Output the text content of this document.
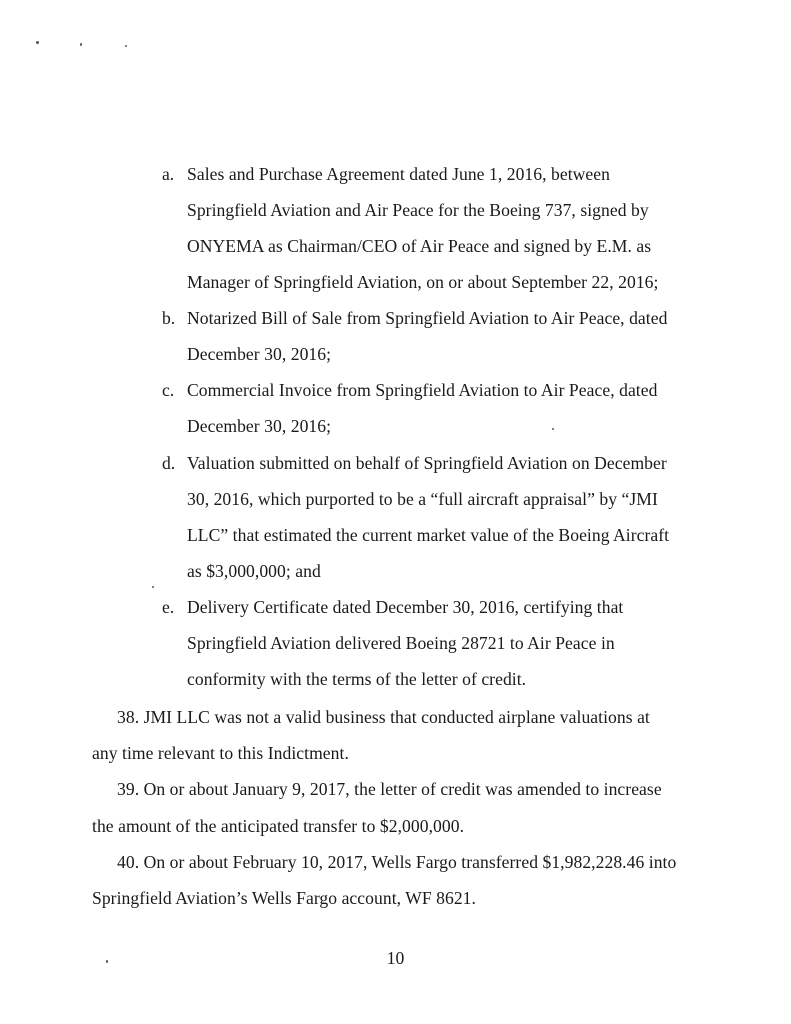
a. Sales and Purchase Agreement dated June 1, 2016, between
Springfield Aviation and Air Peace for the Boeing 737, signed by
ONYEMA as Chairman/CEO of Air Peace and signed by E.M. as
Manager of Springfield Aviation, on or about September 22, 2016;
b. Notarized Bill of Sale from Springfield Aviation to Air Peace, dated
December 30, 2016;
c. Commercial Invoice from Springfield Aviation to Air Peace, dated
December 30, 2016;
d. Valuation submitted on behalf of Springfield Aviation on December
30, 2016, which purported to be a “full aircraft appraisal” by “JMI
LLC” that estimated the current market value of the Boeing Aircraft
as $3,000,000; and
e. Delivery Certificate dated December 30, 2016, certifying that
Springfield Aviation delivered Boeing 28721 to Air Peace in
conformity with the terms of the letter of credit.
38. JMI LLC was not a valid business that conducted airplane valuations at
any time relevant to this Indictment.
39. On or about January 9, 2017, the letter of credit was amended to increase
the amount of the anticipated transfer to $2,000,000.
40. On or about February 10, 2017, Wells Fargo transferred $1,982,228.46 into
Springfield Aviation’s Wells Fargo account, WF 8621.
10
